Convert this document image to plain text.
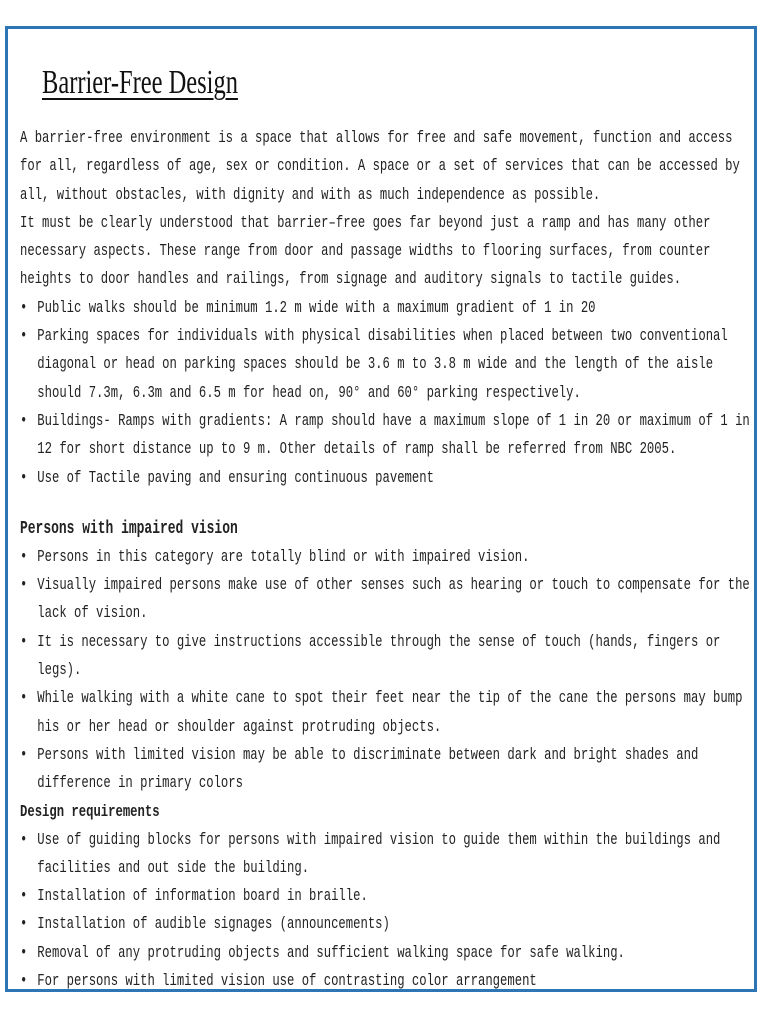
Barrier-Free Design

A barrier-free environment is a space that allows for free and safe movement, function and access for all, regardless of age, sex or condition. A space or a set of services that can be accessed by all, without obstacles, with dignity and with as much independence as possible.

It must be clearly understood that barrier–free goes far beyond just a ramp and has many other necessary aspects. These range from door and passage widths to flooring surfaces, from counter heights to door handles and railings, from signage and auditory signals to tactile guides.

• Public walks should be minimum 1.2 m wide with a maximum gradient of 1 in 20
• Parking spaces for individuals with physical disabilities when placed between two conventional diagonal or head on parking spaces should be 3.6 m to 3.8 m wide and the length of the aisle should 7.3m, 6.3m and 6.5 m for head on, 90° and 60° parking respectively.
• Buildings- Ramps with gradients: A ramp should have a maximum slope of 1 in 20 or maximum of 1 in 12 for short distance up to 9 m. Other details of ramp shall be referred from NBC 2005.
• Use of Tactile paving and ensuring continuous pavement
Persons with impaired vision
• Persons in this category are totally blind or with impaired vision.
• Visually impaired persons make use of other senses such as hearing or touch to compensate for the lack of vision.
• It is necessary to give instructions accessible through the sense of touch (hands, fingers or legs).
• While walking with a white cane to spot their feet near the tip of the cane the persons may bump his or her head or shoulder against protruding objects.
• Persons with limited vision may be able to discriminate between dark and bright shades and difference in primary colors
Design requirements
• Use of guiding blocks for persons with impaired vision to guide them within the buildings and facilities and out side the building.
• Installation of information board in braille.
• Installation of audible signages (announcements)
• Removal of any protruding objects and sufficient walking space for safe walking.
• For persons with limited vision use of contrasting color arrangement
